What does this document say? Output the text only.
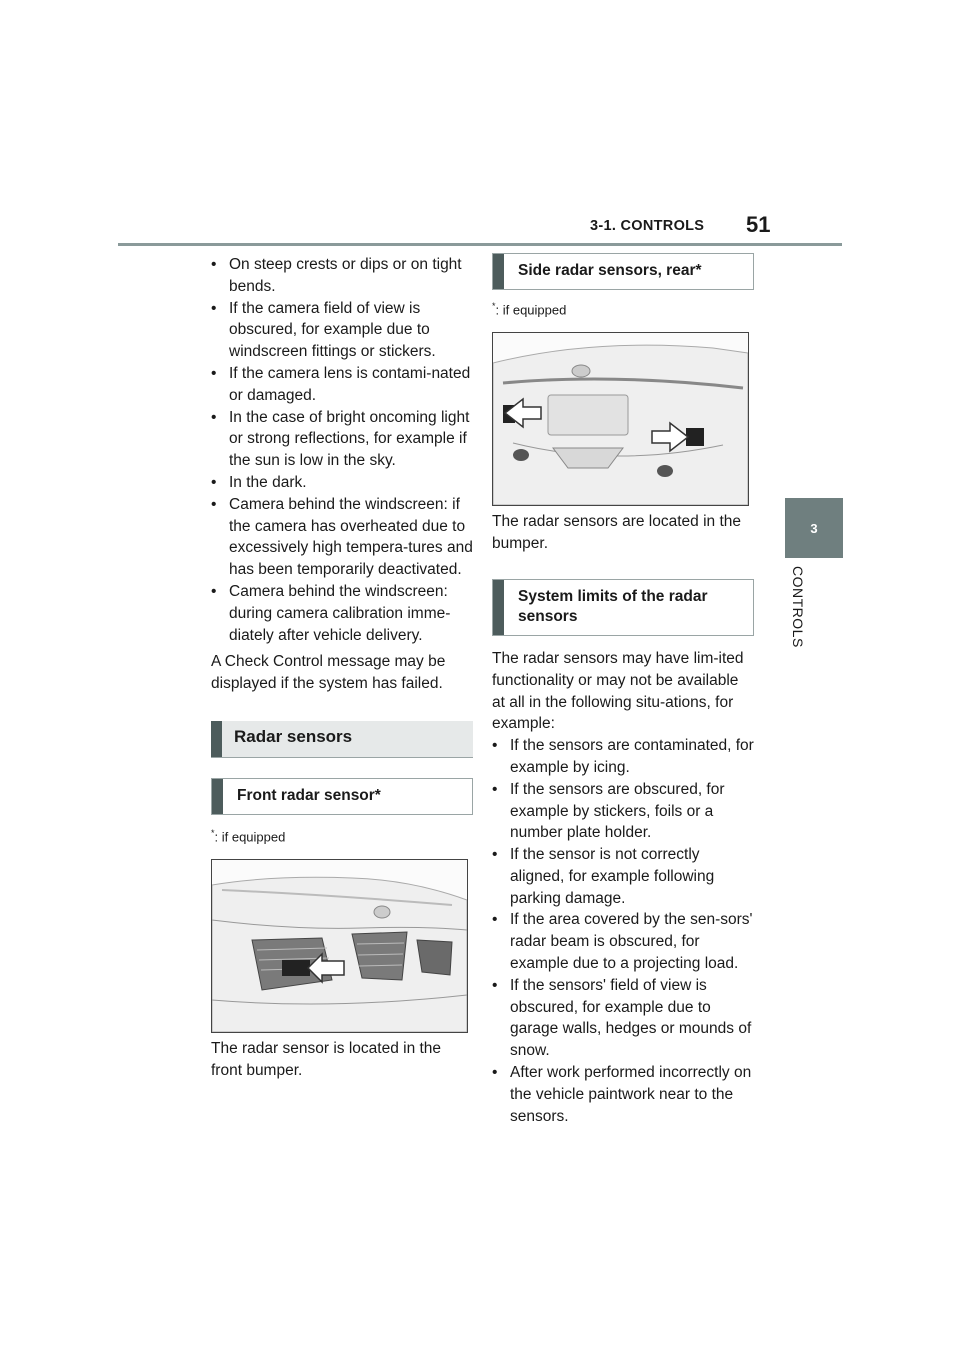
3-1. CONTROLS 51
3
CONTROLS
• On steep crests or dips or on tight bends.
• If the camera field of view is obscured, for example due to windscreen fittings or stickers.
• If the camera lens is contami-nated or damaged.
• In the case of bright oncoming light or strong reflections, for example if the sun is low in the sky.
• In the dark.
• Camera behind the windscreen: if the camera has overheated due to excessively high tempera-tures and has been temporarily deactivated.
• Camera behind the windscreen: during camera calibration imme-diately after vehicle delivery.

A Check Control message may be displayed if the system has failed.

Radar sensors
Front radar sensor*
*: if equipped

The radar sensor is located in the front bumper.

Side radar sensors, rear*
*: if equipped

The radar sensors are located in the bumper.

System limits of the radar sensors

The radar sensors may have lim-ited functionality or may not be available at all in the following situ-ations, for example:

• If the sensors are contaminated, for example by icing.
• If the sensors are obscured, for example by stickers, foils or a number plate holder.
• If the sensor is not correctly aligned, for example following parking damage.
• If the area covered by the sen-sors' radar beam is obscured, for example due to a projecting load.
• If the sensors' field of view is obscured, for example due to garage walls, hedges or mounds of snow.
• After work performed incorrectly on the vehicle paintwork near to the sensors.
